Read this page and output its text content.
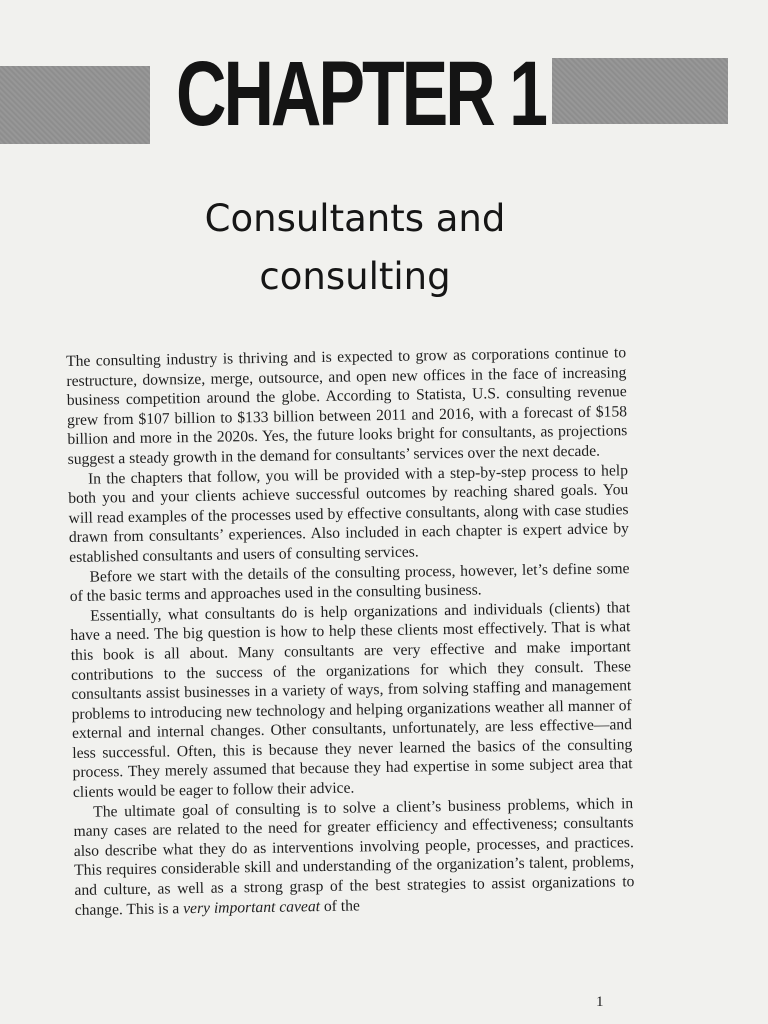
CHAPTER 1
Consultants and
consulting

The consulting industry is thriving and is expected to grow as corporations continue to restructure, downsize, merge, outsource, and open new offices in the face of increasing business competition around the globe. According to Statista, U.S. consulting revenue grew from $107 billion to $133 billion between 2011 and 2016, with a forecast of $158 billion and more in the 2020s. Yes, the future looks bright for consultants, as projections suggest a steady growth in the demand for consultants’ services over the next decade.

In the chapters that follow, you will be provided with a step-by-step process to help both you and your clients achieve successful outcomes by reaching shared goals. You will read examples of the processes used by effective consultants, along with case studies drawn from consultants’ experiences. Also included in each chapter is expert advice by established consultants and users of consulting services.

Before we start with the details of the consulting process, however, let’s define some of the basic terms and approaches used in the consulting business.

Essentially, what consultants do is help organizations and individuals (clients) that have a need. The big question is how to help these clients most effectively. That is what this book is all about. Many consultants are very effective and make important contributions to the success of the organizations for which they consult. These consultants assist businesses in a variety of ways, from solving staffing and management problems to introducing new technology and helping organizations weather all manner of external and internal changes. Other consultants, unfortunately, are less effective—and less successful. Often, this is because they never learned the basics of the consulting process. They merely assumed that because they had expertise in some subject area that clients would be eager to follow their advice.

The ultimate goal of consulting is to solve a client’s business problems, which in many cases are related to the need for greater efficiency and effectiveness; consultants also describe what they do as interventions involving people, processes, and practices. This requires considerable skill and understanding of the organization’s talent, problems, and culture, as well as a strong grasp of the best strategies to assist organizations to change. This is a very important caveat of the

1
